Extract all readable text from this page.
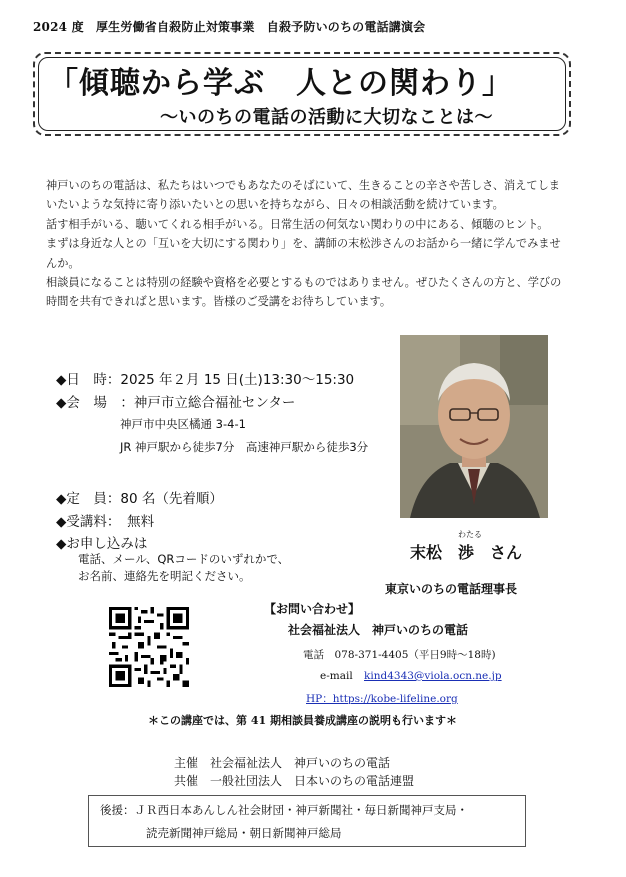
2024 度　厚生労働省自殺防止対策事業　自殺予防いのちの電話講演会
「傾聴から学ぶ　人との関わり」
～いのちの電話の活動に大切なことは～

神戸いのちの電話は、私たちはいつでもあなたのそばにいて、生きることの辛さや苦しさ、消えてしまいたいような気持に寄り添いたいとの思いを持ちながら、日々の相談活動を続けています。

話す相手がいる、聴いてくれる相手がいる。日常生活の何気ない関わりの中にある、傾聴のヒント。

まずは身近な人との「互いを大切にする関わり」を、講師の末松渉さんのお話から一緒に学んでみませんか。

相談員になることは特別の経験や資格を必要とするものではありません。ぜひたくさんの方と、学びの時間を共有できればと思います。皆様のご受講をお待ちしています。

◆日　時：2025 年２月 15 日(土)13:30～15:30
◆会　場　：神戸市立総合福祉センター
神戸市中央区橘通 3-4-1
JR 神戸駅から徒歩7分　高速神戸駅から徒歩3分
◆定　員：80 名（先着順）
◆受講料：　無料
◆お申し込みは
電話、メール、QRコードのいずれかで、
お名前、連絡先を明記ください。
わたる
末松　渉　さん
東京いのちの電話理事長
【お問い合わせ】
社会福祉法人　神戸いのちの電話
電話　078-371-4405（平日9時～18時)
e-mail kind4343@viola.ocn.ne.jp
HP：https://kobe-lifeline.org
＊この講座では、第 41 期相談員養成講座の説明も行います＊
主催　社会福祉法人　神戸いのちの電話
共催　一般社団法人　日本いのちの電話連盟
後援：ＪＲ西日本あんしん社会財団・神戸新聞社・毎日新聞神戸支局・
読売新聞神戸総局・朝日新聞神戸総局
